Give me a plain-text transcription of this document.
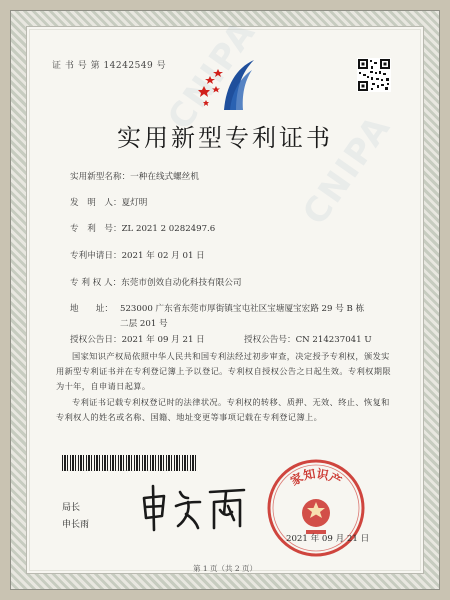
证 书 号 第 14242549 号
实用新型专利证书
实用新型名称：一种在线式螺丝机
发　明　人：夏灯明
专　利　号：ZL 2021 2 0282497.6
专利申请日：2021 年 02 月 01 日
专 利 权 人：东莞市创效自动化科技有限公司
地　　址： 523000 广东省东莞市厚街镇宝屯社区宝塘厦宝宏路 29 号 B 栋二层 201 号
授权公告日：2021 年 09 月 21 日	授权公告号：CN 214237041 U
国家知识产权局依照中华人民共和国专利法经过初步审查，决定授予专利权，颁发实用新型专利证书并在专利登记簿上予以登记。专利权自授权公告之日起生效。专利权期限为十年，自申请日起算。
专利证书记载专利权登记时的法律状况。专利权的转移、质押、无效、终止、恢复和专利权人的姓名或名称、国籍、地址变更等事项记载在专利登记簿上。
局长
申长雨
家知识产
2021 年 09 月 21 日
第 1 页（共 2 页）
